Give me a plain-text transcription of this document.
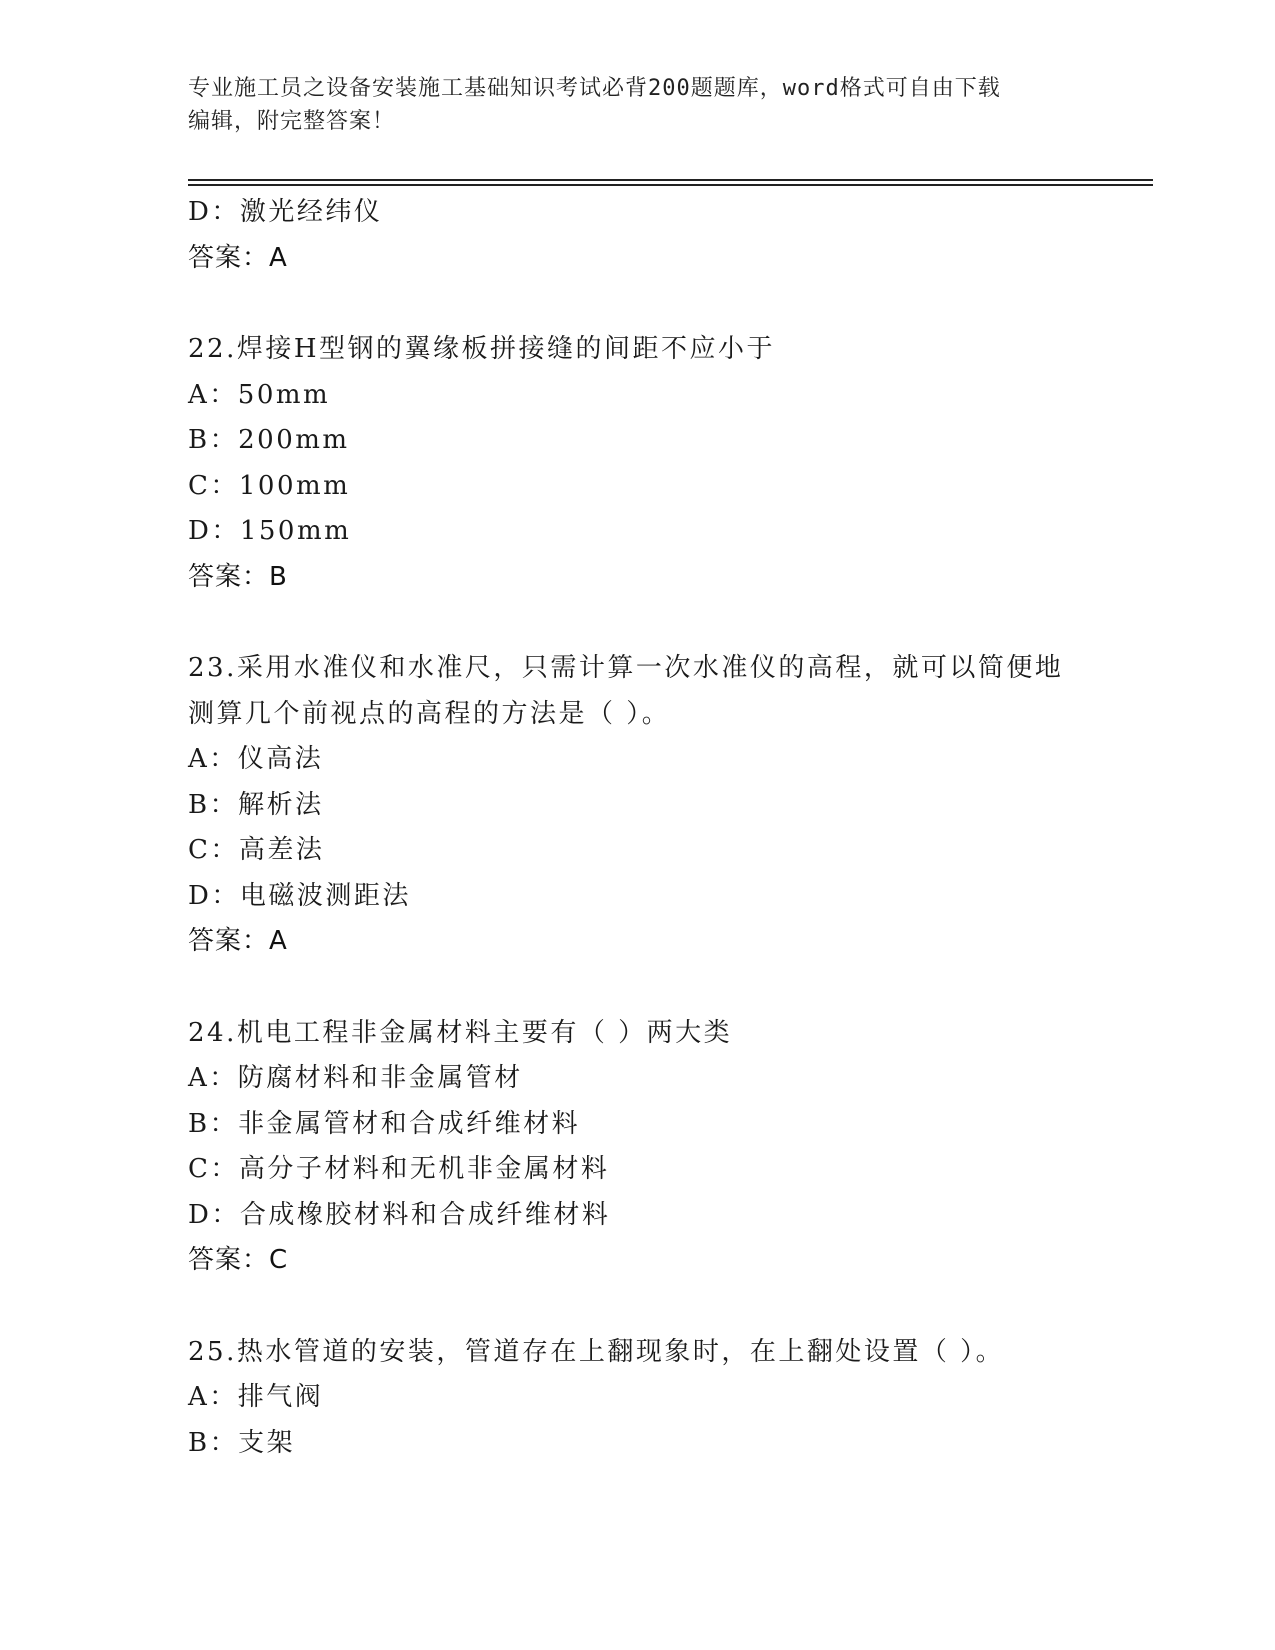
专业施工员之设备安装施工基础知识考试必背200题题库，word格式可自由下载
编辑，附完整答案！
D：激光经纬仪
答案：A
22.焊接H型钢的翼缘板拼接缝的间距不应小于
A：50mm
B：200mm
C：100mm
D：150mm
答案：B
23.采用水准仪和水准尺，只需计算一次水准仪的高程，就可以简便地
测算几个前视点的高程的方法是（ ）。
A：仪高法
B：解析法
C：高差法
D：电磁波测距法
答案：A
24.机电工程非金属材料主要有（ ）两大类
A：防腐材料和非金属管材
B：非金属管材和合成纤维材料
C：高分子材料和无机非金属材料
D：合成橡胶材料和合成纤维材料
答案：C
25.热水管道的安装，管道存在上翻现象时，在上翻处设置（ ）。
A：排气阀
B：支架
